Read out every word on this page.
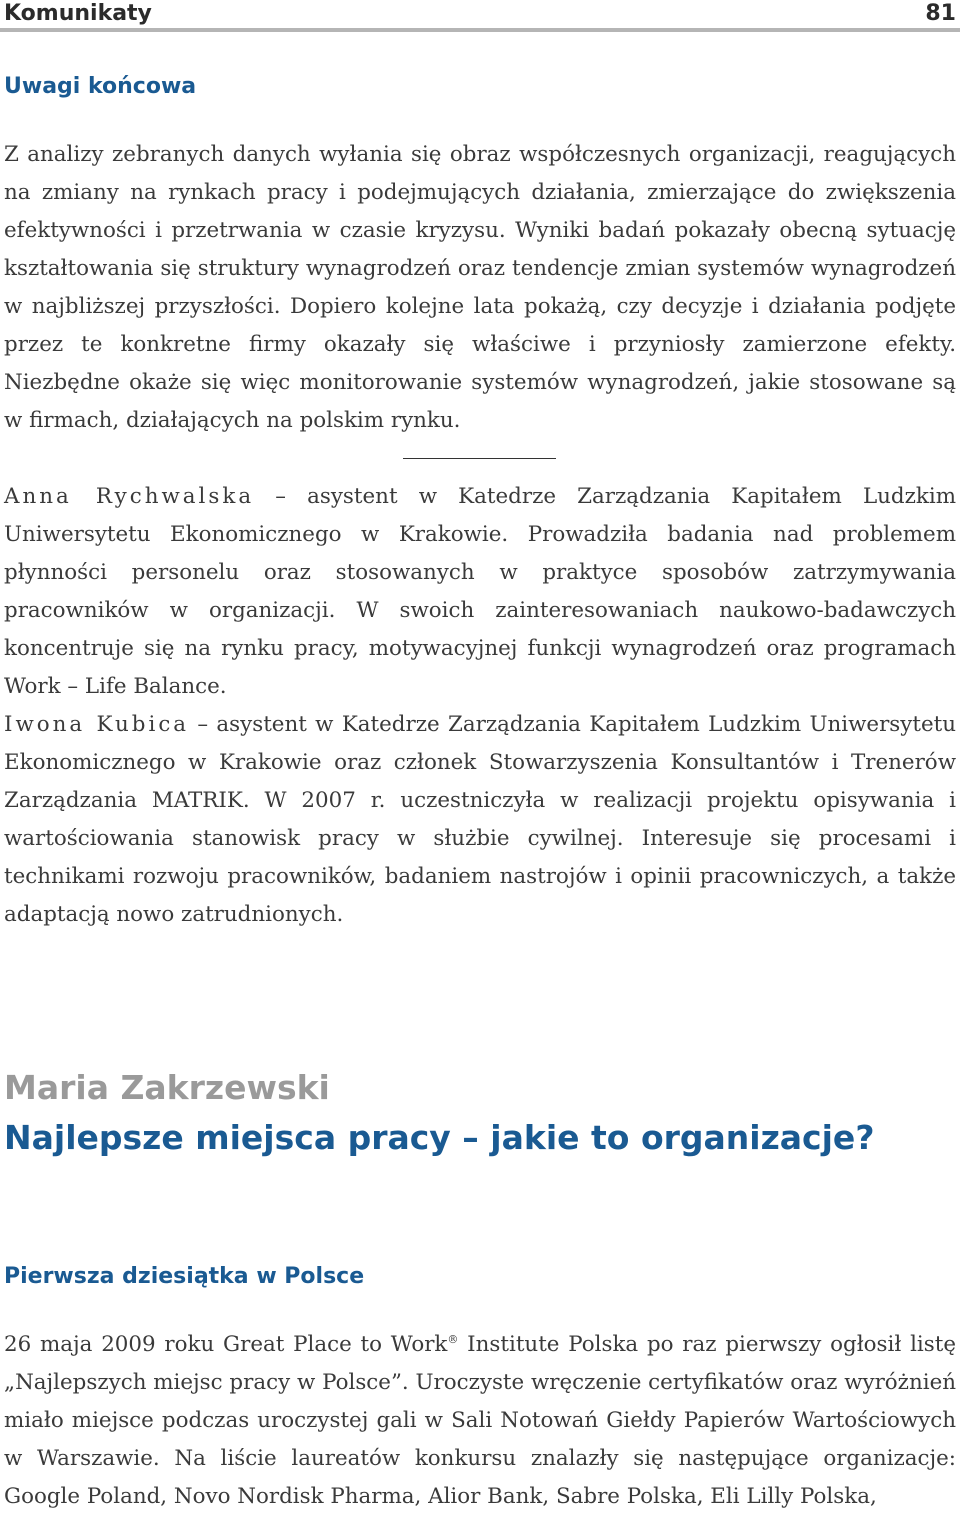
Komunikaty	81
Uwagi końcowa

Z analizy zebranych danych wyłania się obraz współczesnych organizacji, reagujących na zmiany na rynkach pracy i podejmujących działania, zmierzające do zwiększenia efektywności i przetrwania w czasie kryzysu. Wyniki badań pokazały obecną sytuację kształtowania się struktury wynagrodzeń oraz tendencje zmian systemów wynagrodzeń w najbliższej przyszłości. Dopiero kolejne lata pokażą, czy decyzje i działania podjęte przez te konkretne firmy okazały się właściwe i przyniosły zamierzone efekty. Niezbędne okaże się więc monitorowanie systemów wynagrodzeń, jakie stosowane są w firmach, działających na polskim rynku.

Anna Rychwalska – asystent w Katedrze Zarządzania Kapitałem Ludzkim Uniwersytetu Ekonomicznego w Krakowie. Prowadziła badania nad problemem płynności personelu oraz stosowanych w praktyce sposobów zatrzymywania pracowników w organizacji. W swoich zainteresowaniach naukowo-badawczych koncentruje się na rynku pracy, motywacyjnej funkcji wynagrodzeń oraz programach Work – Life Balance.

Iwona Kubica – asystent w Katedrze Zarządzania Kapitałem Ludzkim Uniwersytetu Ekonomicznego w Krakowie oraz członek Stowarzyszenia Konsultantów i Trenerów Zarządzania MATRIK. W 2007 r. uczestniczyła w realizacji projektu opisywania i wartościowania stanowisk pracy w służbie cywilnej. Interesuje się procesami i technikami rozwoju pracowników, badaniem nastrojów i opinii pracowniczych, a także adaptacją nowo zatrudnionych.

Maria Zakrzewski
Najlepsze miejsca pracy – jakie to organizacje?
Pierwsza dziesiątka w Polsce

26 maja 2009 roku Great Place to Work® Institute Polska po raz pierwszy ogłosił listę „Najlepszych miejsc pracy w Polsce”. Uroczyste wręczenie certyfikatów oraz wyróżnień miało miejsce podczas uroczystej gali w Sali Notowań Giełdy Papierów Wartościowych w Warszawie. Na liście laureatów konkursu znalazły się następujące organizacje: Google Poland, Novo Nordisk Pharma, Alior Bank, Sabre Polska, Eli Lilly Polska,
